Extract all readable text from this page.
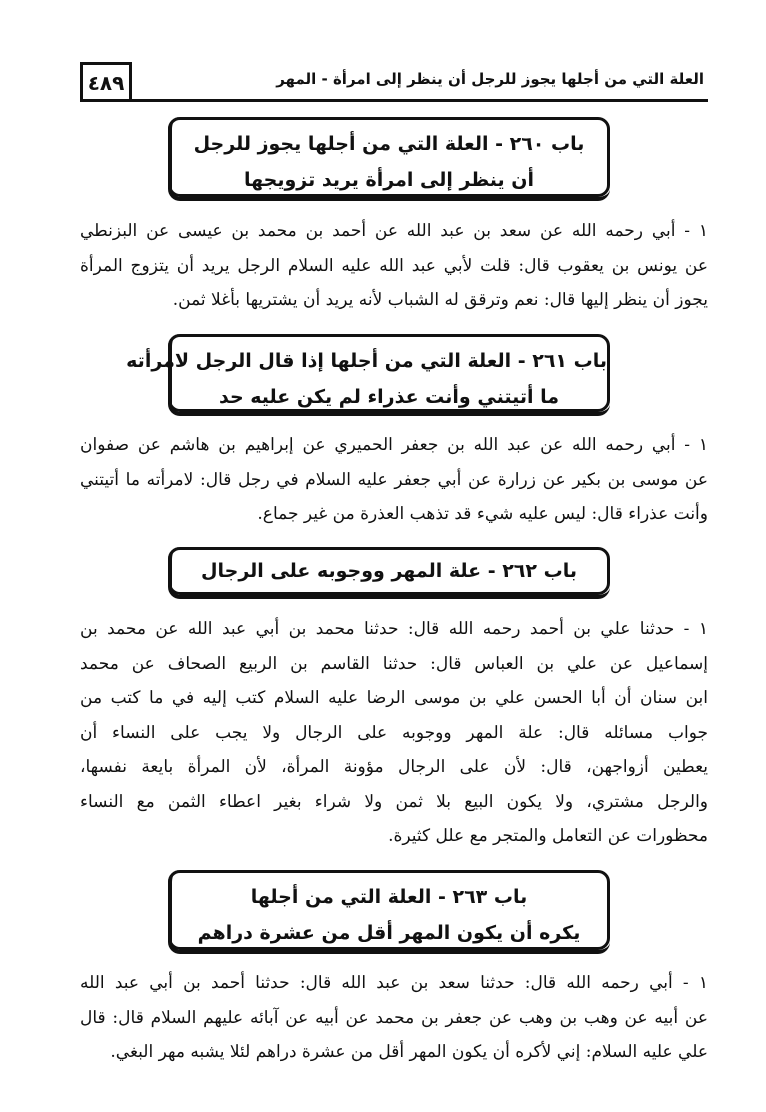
العلة التي من أجلها يجوز للرجل أن ينظر إلى امرأة - المهر
٤٨٩
باب ٢٦٠ - العلة التي من أجلها يجوز للرجل
أن ينظر إلى امرأة يريد تزويجها
١ - أبي رحمه الله عن سعد بن عبد الله عن أحمد بن محمد بن عيسى عن البزنطي
عن يونس بن يعقوب قال: قلت لأبي عبد الله عليه السلام الرجل يريد أن يتزوج المرأة
يجوز أن ينظر إليها قال: نعم وترقق له الشباب لأنه يريد أن يشتريها بأغلا ثمن.
باب ٢٦١ - العلة التي من أجلها إذا قال الرجل لامرأته
ما أتيتني وأنت عذراء لم يكن عليه حد
١ - أبي رحمه الله عن عبد الله بن جعفر الحميري عن إبراهيم بن هاشم عن صفوان
عن موسى بن بكير عن زرارة عن أبي جعفر عليه السلام في رجل قال: لامرأته ما أتيتني
وأنت عذراء قال: ليس عليه شيء قد تذهب العذرة من غير جماع.
باب ٢٦٢ - علة المهر ووجوبه على الرجال
١ - حدثنا علي بن أحمد رحمه الله قال: حدثنا محمد بن أبي عبد الله عن محمد بن
إسماعيل عن علي بن العباس قال: حدثنا القاسم بن الربيع الصحاف عن محمد
ابن سنان أن أبا الحسن علي بن موسى الرضا عليه السلام كتب إليه في ما كتب من
جواب مسائله قال: علة المهر ووجوبه على الرجال ولا يجب على النساء أن
يعطين أزواجهن، قال: لأن على الرجال مؤونة المرأة، لأن المرأة بايعة نفسها،
والرجل مشتري، ولا يكون البيع بلا ثمن ولا شراء بغير اعطاء الثمن مع النساء
محظورات عن التعامل والمتجر مع علل كثيرة.
باب ٢٦٣ - العلة التي من أجلها
يكره أن يكون المهر أقل من عشرة دراهم
١ - أبي رحمه الله قال: حدثنا سعد بن عبد الله قال: حدثنا أحمد بن أبي عبد الله
عن أبيه عن وهب بن وهب عن جعفر بن محمد عن أبيه عن آبائه عليهم السلام قال: قال
علي عليه السلام: إني لأكره أن يكون المهر أقل من عشرة دراهم لئلا يشبه مهر البغي.
